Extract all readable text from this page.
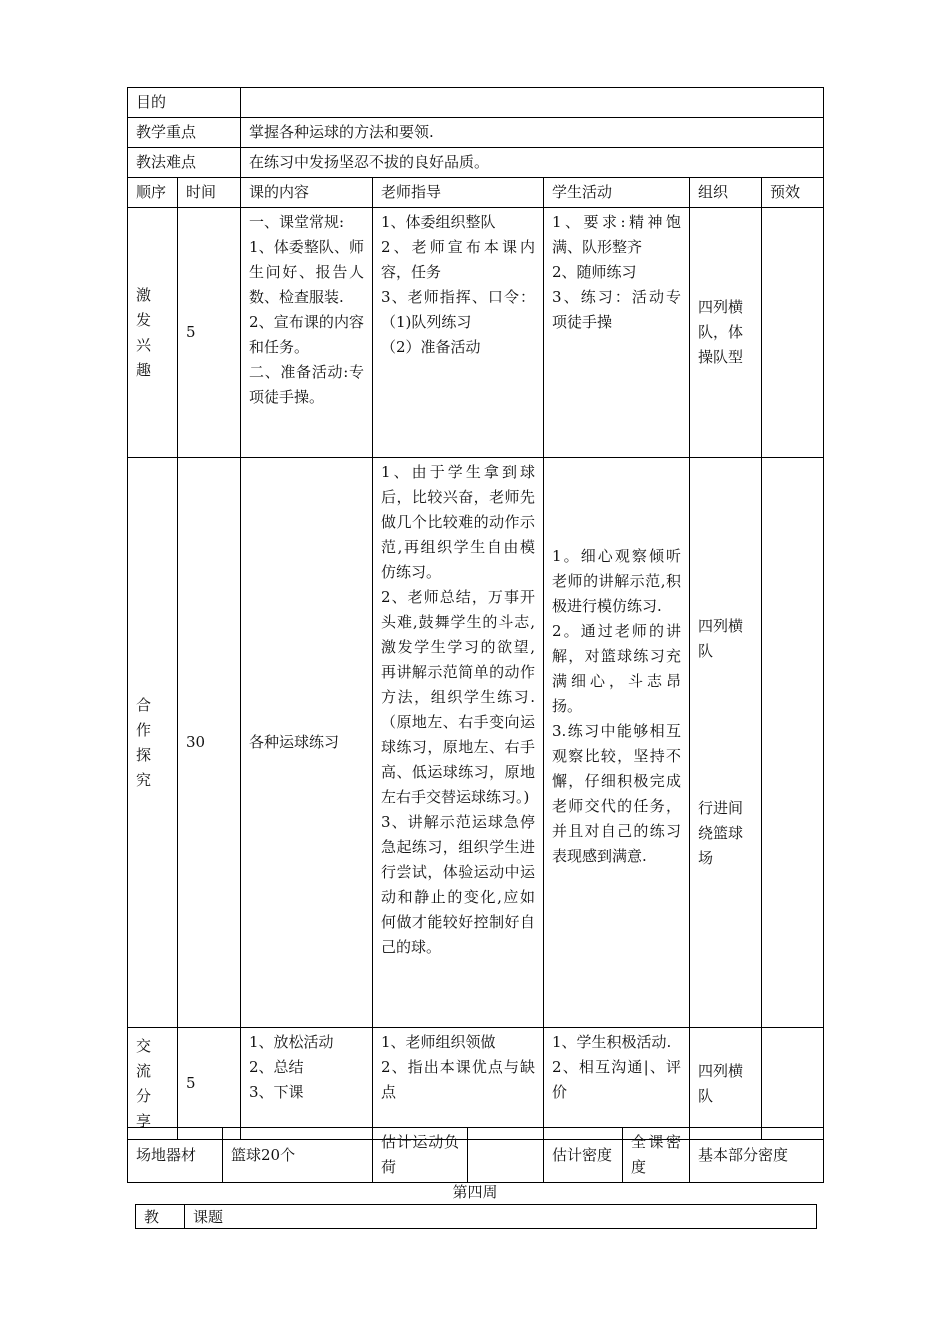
目的						
教学重点		掌握各种运球的方法和要领.				
教法难点		在练习中发扬坚忍不拔的良好品质。				
顺序	时间	课的内容	老师指导	学生活动	组织	预效

激
发
兴
趣	5	一、课堂常规:
1、体委整队、师生问好、报告人数、检查服装.
2、宣布课的内容和任务。
二、准备活动:专项徒手操。	1、体委组织整队
2、老师宣布本课内容，任务
3、老师指挥、口令：（1)队列练习
（2）准备活动	1、要求:精神饱满、队形整齐
2、随师练习
3、练习：活动专项徒手操	四列横队，体操队型	

合
作
探
究	30	各种运球练习	1、由于学生拿到球后，比较兴奋，老师先做几个比较难的动作示范,再组织学生自由模仿练习。
2、老师总结，万事开头难,鼓舞学生的斗志,激发学生学习的欲望,再讲解示范简单的动作方法，组织学生练习.（原地左、右手变向运球练习，原地左、右手高、低运球练习，原地左右手交替运球练习。)
3、讲解示范运球急停急起练习，组织学生进行尝试，体验运动中运动和静止的变化,应如何做才能较好控制好自己的球。	1。细心观察倾听老师的讲解示范,积极进行模仿练习.
2。通过老师的讲解，对篮球练习充满细心，斗志昂扬。
3.练习中能够相互观察比较，坚持不懈，仔细积极完成老师交代的任务，并且对自己的练习表现感到满意.	四列横队
行进间绕篮球场	

交
流
分
享	5	1、放松活动
2、总结
3、下课	1、老师组织领做
2、指出本课优点与缺点	1、学生积极活动.
2、相互沟通|、评价	四列横队	
场地器材	篮球20个	估计运动负荷		估计密度	全课密度	基本部分密度
第四周
教	课题
